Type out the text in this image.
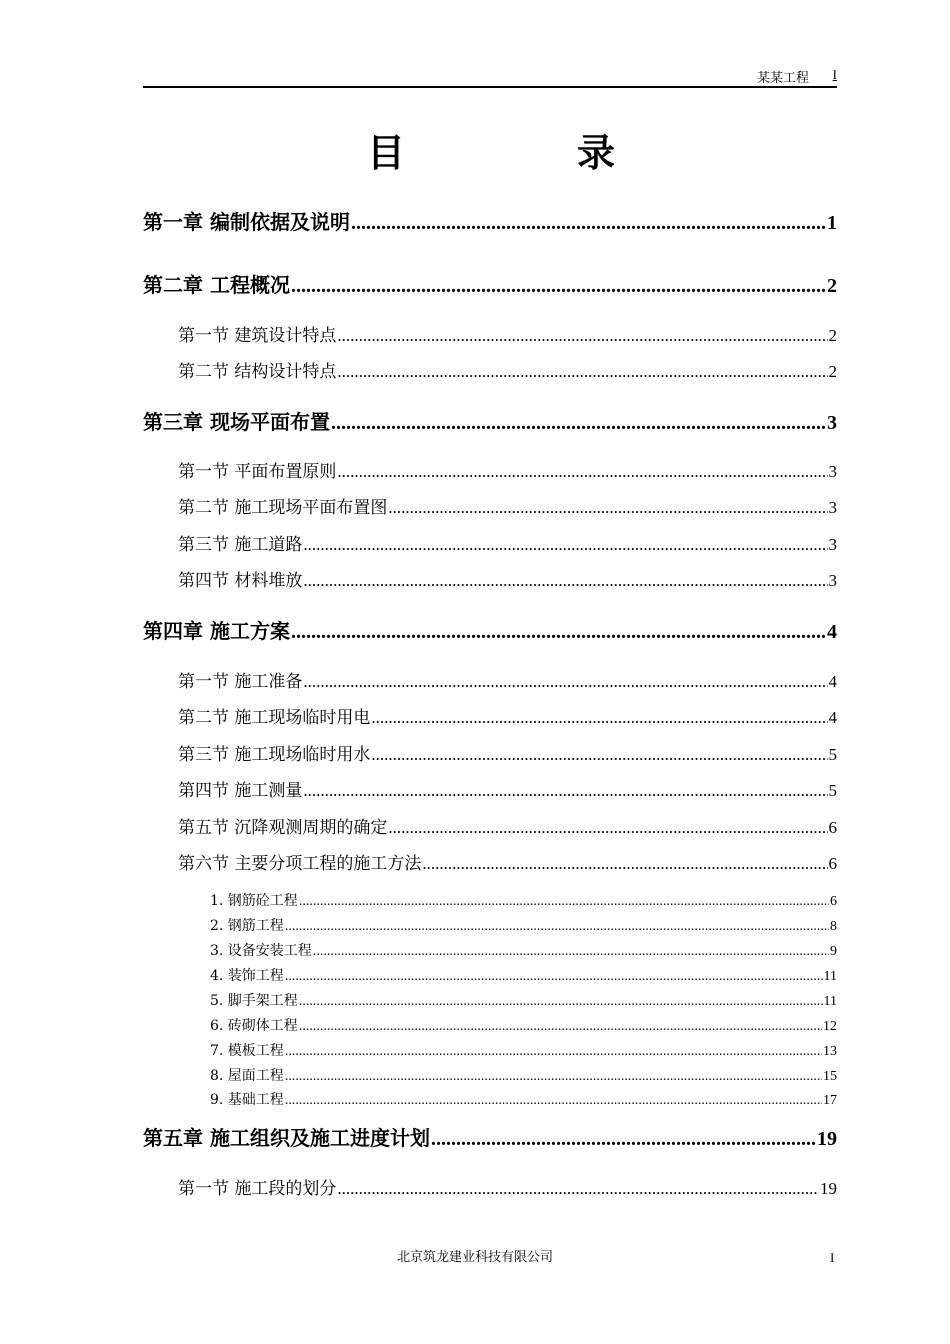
某某工程 I
目	录
第一章 编制依据及说明 .....	1
第二章 工程概况 .....	2
第一节 建筑设计特点 .....	2
第二节 结构设计特点 .....	2
第三章 现场平面布置 .....	3
第一节 平面布置原则 .....	3
第二节 施工现场平面布置图 .....	3
第三节 施工道路 .....	3
第四节 材料堆放 .....	3
第四章 施工方案 .....	4
第一节 施工准备 .....	4
第二节 施工现场临时用电 .....	4
第三节 施工现场临时用水 .....	5
第四节 施工测量 .....	5
第五节 沉降观测周期的确定 .....	6
第六节 主要分项工程的施工方法 .....	6
1. 钢筋砼工程 .....	6
2. 钢筋工程 .....	8
3. 设备安装工程 .....	9
4. 装饰工程 .....	11
5. 脚手架工程 .....	11
6. 砖砌体工程 .....	12
7. 模板工程 .....	13
8. 屋面工程 .....	15
9. 基础工程 .....	17
第五章 施工组织及施工进度计划 .....	19
第一节 施工段的划分 .....	19
北京筑龙建业科技有限公司	I
